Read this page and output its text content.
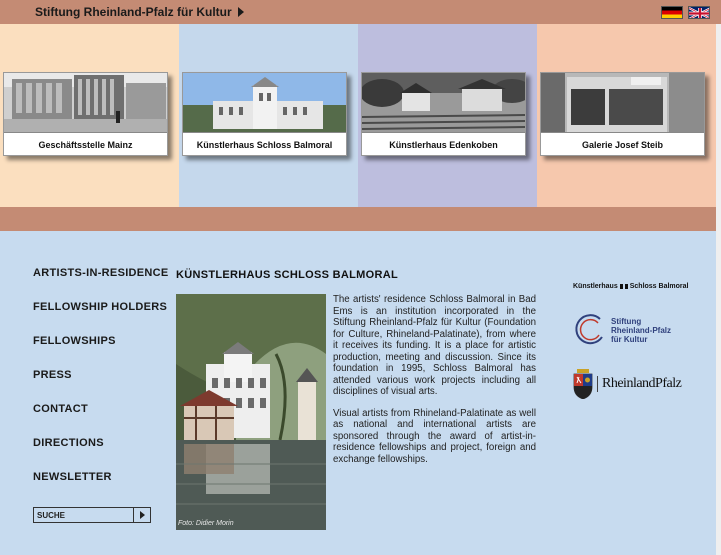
Stiftung Rheinland-Pfalz für Kultur
Geschäftsstelle Mainz	Künstlerhaus Schloss Balmoral	Künstlerhaus Edenkoben	Galerie Josef Steib
ARTISTS-IN-RESIDENCE
FELLOWSHIP HOLDERS
FELLOWSHIPS
PRESS
CONTACT
DIRECTIONS
NEWSLETTER
SUCHE
KÜNSTLERHAUS SCHLOSS BALMORAL
Foto: Didier Morin

The artists' residence Schloss Balmoral in Bad Ems is an institution incorporated in the Stiftung Rheinland-Pfalz für Kultur (Foundation for Culture, Rhineland-Palatinate), from where it receives its funding. It is a place for artistic production, meeting and discussion. Since its foundation in 1995, Schloss Balmoral has attended various work projects including all disciplines of visual arts.

Visual artists from Rhineland-Palatinate as well as national and international artists are sponsored through the award of artist-in-residence fellowships and project, foreign and exchange fellowships.

Künstlerhaus Schloss Balmoral
Stiftung
Rheinland-Pfalz
für Kultur
RheinlandPfalz
